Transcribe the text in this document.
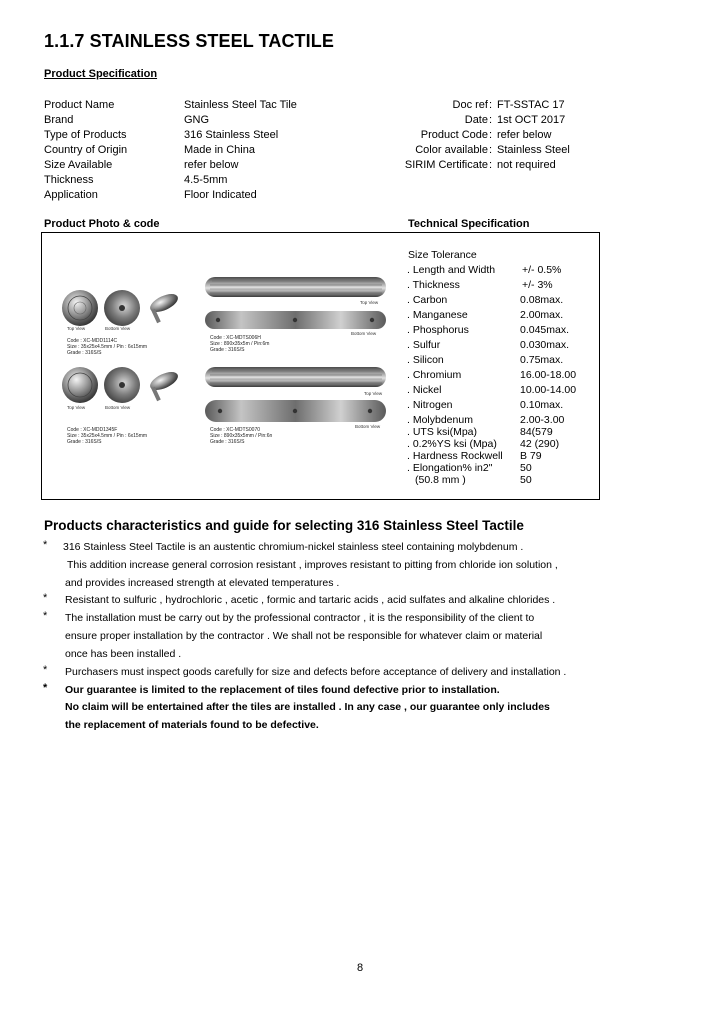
1.1.7 STAINLESS STEEL TACTILE
Product Specification
Product Name	Stainless Steel Tac Tile
Brand	GNG
Type of Products	316 Stainless Steel
Country of Origin	Made in China
Size Available	refer below
Thickness	4.5-5mm
Application	Floor Indicated
Doc ref : FT-SSTAC 17
Date : 1st OCT 2017
Product Code : refer below
Color available : Stainless Steel
SIRIM Certificate : not required
Product Photo & code	Technical Specification
Top View	Bottom View
Top View
Bottom View
Top View	Bottom View
Top View
Bottom View
Code : XC-MDD1114C
Size : 35x25x4.5mm / Pin : 6x15mm
Grade : 316S/S
Code : XC-MDTS006H
Size : 890x35x5m / Pin:6m
Grade : 316S/S
Code : XC-MDD1345F
Size : 35x25x4.5mm / Pin : 6x15mm
Grade : 316S/S
Code : XC-MDTS0070
Size : 890x35x5mm / Pin:6n
Grade : 316S/S
Size Tolerance
. Length and Width	+/- 0.5%
. Thickness	+/- 3%
. Carbon	0.08max.
. Manganese	2.00max.
. Phosphorus	0.045max.
. Sulfur	0.030max.
. Silicon	0.75max.
. Chromium	16.00-18.00
. Nickel	10.00-14.00
. Nitrogen	0.10max.
. Molybdenum	2.00-3.00
. UTS ksi(Mpa)	84(579
. 0.2%YS ksi (Mpa) 42 (290)
. Hardness Rockwell B 79
. Elongation% in2"	50
(50.8 mm )	50
Products characteristics and guide for selecting 316 Stainless Steel Tactile
* 316 Stainless Steel Tactile is an austentic chromium-nickel stainless steel containing molybdenum .
This addition increase general corrosion resistant , improves resistant to pitting from chloride ion solution ,
and provides increased strength at elevated temperatures .
* Resistant to sulfuric , hydrochloric , acetic , formic and tartaric acids , acid sulfates and alkaline chlorides .
* The installation must be carry out by the professional contractor , it is the responsibility of the client to
ensure proper installation by the contractor . We shall not be responsible for whatever claim or material
once has been installed .
* Purchasers must inspect goods carefully for size and defects before acceptance of delivery and installation .
* Our guarantee is limited to the replacement of tiles found defective prior to installation.
No claim will be entertained after the tiles are installed . In any case , our guarantee only includes
the replacement of materials found to be defective.
8
